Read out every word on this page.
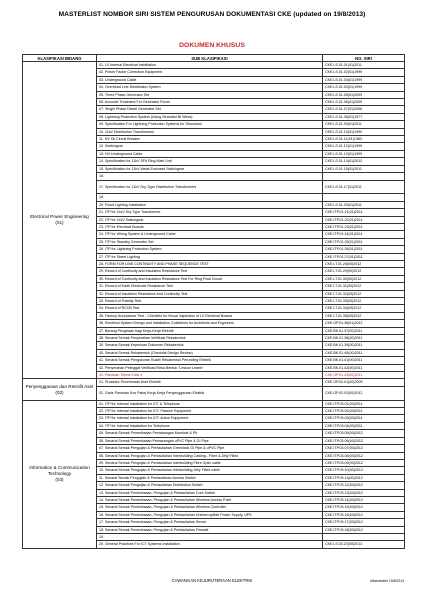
MASTERLIST NOMBOR SIRI SISTEM PENGURUSAN DOKUMENTASI CKE (updated on 19/8/2013)
DOKUMEN KHUSUS
KLASIFIKASI BIDANG	SUB KLASIFIKASI	NO. SIRI

Electrical Power Engineering
(01)	01. LV Internal Electrical Installation	CKE.LS.01.01(01)2011
	02. Power Factor Correction Equipment	CKE.LS.01.02(01)1999
	03. Underground Cable	CKE.LS.01.03(01)1999
	04. Overhead Line Distribution System	CKE.LS.01.04(01)1999
	05. Three Phase Generator Set	CKE.LS.01.05(01)2009
	06. Acoustic Treatment For Generator Room	CKE.LS.01.06(01)2009
	07. Single Phase Diesel Generator Set	CKE.LS.01.07(01)2006
	08. Lightning Protection System (Using Stranded BI Wires)	CKE.LS.01.08(01)1977
	09. Specification For Lightning Protection Systems for Structures	CKE.LS.01.09(01)2011
	10. 11kV Distribution Transformers	CKE.LS.01.10(01)1990
	11. HV Oil Circuit Breaker	CKE.LS.01.11(01)1983
	12. Switchgear	CKE.LS.01.12(01)1999
	13. HV Underground Cable	CKE.LS.01.13(01)1999
	14. Specification for 11kV SF6 Ring Main Unit	CKE.LS.01.14(01)2012
	15. Specification for 11kV Metal-Enclosed Switchgear	CKE.LS.01.15(01)2011
	16.	
	17. Specification for 11kV Dry-Type Distribution Transformers	CKE.LS.01.17(01)2011
	18.	
	20. Flood Lighting Installation	CKE.LS.01.20(01)2011
	21. ITP for 11kV Dry-Type Transformer	CKE.ITP.01.21(01)2011
	22. ITP for 11kV Switchgear	CKE.ITP.01.22(01)2011
	23. ITP for Electrical Boards	CKE.ITP.01.23(01)2011
	24. ITP for Wiring System & Underground Cable	CKE.ITP.01.24(01)2011
	25. ITP for Standby Generator Set	CKE.ITP.01.25(01)2011
	26. ITP for Lightning Protection System	CKE.ITP.01.26(01)2011
	27. ITP for Street Lighting	CKE.ITP.01.27(01)2011
	28. FORM FOR LINE CONTINUITY AND PHASE SEQUENCE TEST	CKE.LT.01.28(00)2012
	29. Record of Continuity and Insulation Resistance Test	CKE.LT.01.29(00)2012
	30. Record of Continuity and Insulation Resistance Test For Ring Final Circuit	CKE.LT.01.30(00)2012
	31. Record of Earth Electrode Resistance Test	CKE.LT.01.31(00)2012
	32. Record of Insulation Resistance And Continuity Test	CKE.LT.01.32(00)2012
	33. Record of Polarity Test	CKE.LT.01.33(00)2012
	34. Record of RCCB Test	CKE.LT.01.34(00)2012
	35. Factory Acceptance Test - Checklist for Visual Inspection of LV Electrical Boards	CKE.LT.01.35(00)2012
	36. Electrical System Design and Installation Guidelines for Architects and Engineers	CKE.GP.01.36(01)2012
	37. Borang Pengiraan bagi Kerja-Kerja Elektrik	CKE.BK.01.37(00)2011
	38. Senarai Semak Penyerahan Verifikasi Rekabentuk	CKE.BK.01.38(00)2011
	39. Senarai Semak Keperluan Dokumen Rekabentuk	CKE.BK.01.39(00)2011
	40. Senarai Semak Rekabentuk (Checklist Design Review)	CKE.BK.01.40(00)2011
	41. Senarai Semak Pengukuran Kualiti Rekabentuk Perunding Elektrik	CKE.BK.01.41(00)2011
	42. Penyerahan Pelinggal Verifikasi Reka Bentuk "Lesson Learnt"	CKE.BK.01.42(00)2011
	43. Panduan Teknik Edisi 4	CKE.GP.01.43(00)2011

Penyenggaraan dan Retrofit Aset
(02)	01. Prosedur Penerimaan Aset Elektrik	CKE.GP.02.01(00)2009
	02. Garis Panduan Kos Pakej Kerja-Kerja Penyenggaraan Elektrik	CKE.GP.02.02(00)2012

Information & Communication
Technology
(03)	01. ITP for Internal Installation for ICT & Telephone	CKE.ITP.03.01(00)2011
	02. ITP for Internal Installation for ICT: Passive Equipment	CKE.ITP.03.02(00)2011
	03. ITP for Internal Installation for ICT: Active Equipment	CKE.ITP.03.03(00)2011
	04. ITP for Internal Installation for Telephone	CKE.ITP.03.04(00)2011
	05. Senarai Semak Pemeriksaan Pemasangan Manhole & Pit	CKE.ITP.03.05(00)2012
	06. Senarai Semak Pemeriksaan Pemasangan uPVC Pipe & GI Pipe	CKE.ITP.03.06(00)2012
	07. Senarai Semak Pengujian & Pentauliahan Greenlock GI Pipe & uPVC Pipe	CKE.ITP.03.07(00)2012
	08. Senarai Semak Pengujian & Pentauliahan Interbuilding Cabling - Fiber & Jelly Filled	CKE.ITP.03.08(00)2012
	09. Senarai Semak Pengujian & Pentauliahan Interbuilding Fibre Optic cable	CKE.ITP.03.09(00)2012
	10. Senarai Semak Pengujian & Pentauliahan Interbuilding Jelly Filled cable	CKE.ITP.03.10(00)2012
	11. Senarai Semak Pengujian & Pentauliahan Access Switch	CKE.ITP.03.11(00)2012
	12. Senarai Semak Pengujian & Pentauliahan Distribution Switch	CKE.ITP.03.12(00)2012
	13. Senarai Semak Pemeriksaan, Pengujian & Pentauliahan Core Switch	CKE.ITP.03.13(00)2012
	14. Senarai Semak Pemeriksaan, Pengujian & Pentauliahan Wireless Access Point	CKE.ITP.03.14(00)2012
	15. Senarai Semak Pemeriksaan, Pengujian & Pentauliahan Wireless Controller	CKE.ITP.03.15(00)2012
	16. Senarai Semak Pemeriksaan, Pengujian & Pentauliahan Uninterruptible Power Supply, UPS	CKE.ITP.03.16(00)2012
	17. Senarai Semak Pemeriksaan, Pengujian & Pentauliahan Server	CKE.ITP.03.17(00)2012
	18. Senarai Semak Pemeriksaan, Pengujian & Pentauliahan Firewall	CKE.ITP.03.18(00)2012
	19.	
	20. General Practices For ICT Systems Installation	CKE.LS.03.20(00)2013
CAWANGAN KEJURUTERAAN ELEKTRIK	dikemaskini 19/8/2013
